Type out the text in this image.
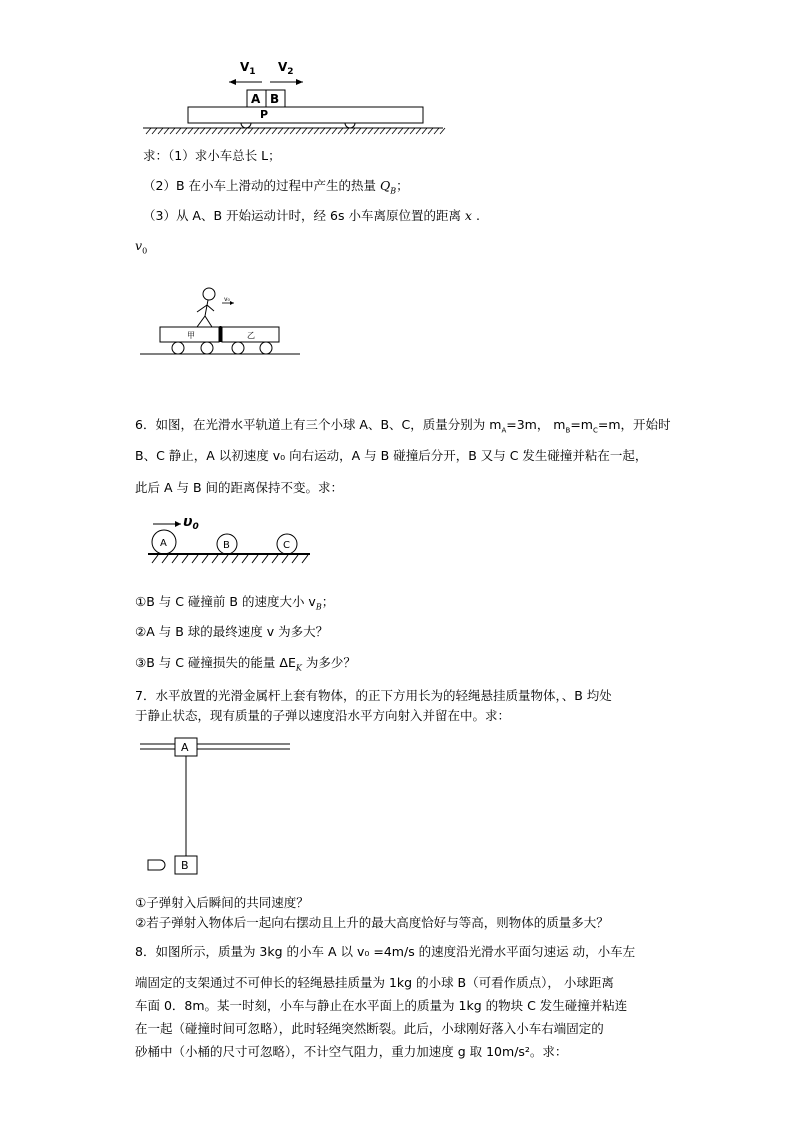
$V_1$ $V_2$
A B
P
求：（1）求小车总长 L；
（2）B 在小车上滑动的过程中产生的热量 $Q_B$；
（3）从 A、B 开始运动计时，经 6s 小车离原位置的距离 x .
$v_0$
v₀
甲	乙
6．如图，在光滑水平轨道上有三个小球 A、B、C，质量分别为 $m_A=3m$， $m_B=m_C=m$，开始时
B、C 静止，A 以初速度 v₀ 向右运动，A 与 B 碰撞后分开，B 又与 C 发生碰撞并粘在一起，
此后 A 与 B 间的距离保持不变。求：
$\upsilon_0$
A	B	C
①B 与 C 碰撞前 B 的速度大小 $v_B$；
②A 与 B 球的最终速度 v 为多大？
③B 与 C 碰撞损失的能量 $\Delta E_K$ 为多少？
7．水平放置的光滑金属杆上套有物体，的正下方用长为的轻绳悬挂质量物体，、B 均处
于静止状态，现有质量的子弹以速度沿水平方向射入并留在中。求：
A
B
①子弹射入后瞬间的共同速度？
②若子弹射入物体后一起向右摆动且上升的最大高度恰好与等高，则物体的质量多大？
8．如图所示，质量为 3kg 的小车 A 以 v₀ =4m/s 的速度沿光滑水平面匀速运 动，小车左
端固定的支架通过不可伸长的轻绳悬挂质量为 1kg 的小球 B（可看作质点）， 小球距离
车面 0．8m。某一时刻，小车与静止在水平面上的质量为 1kg 的物块 C 发生碰撞并粘连
在一起（碰撞时间可忽略），此时轻绳突然断裂。此后，小球刚好落入小车右端固定的
砂桶中（小桶的尺寸可忽略），不计空气阻力，重力加速度 g 取 10m/s²。求：
